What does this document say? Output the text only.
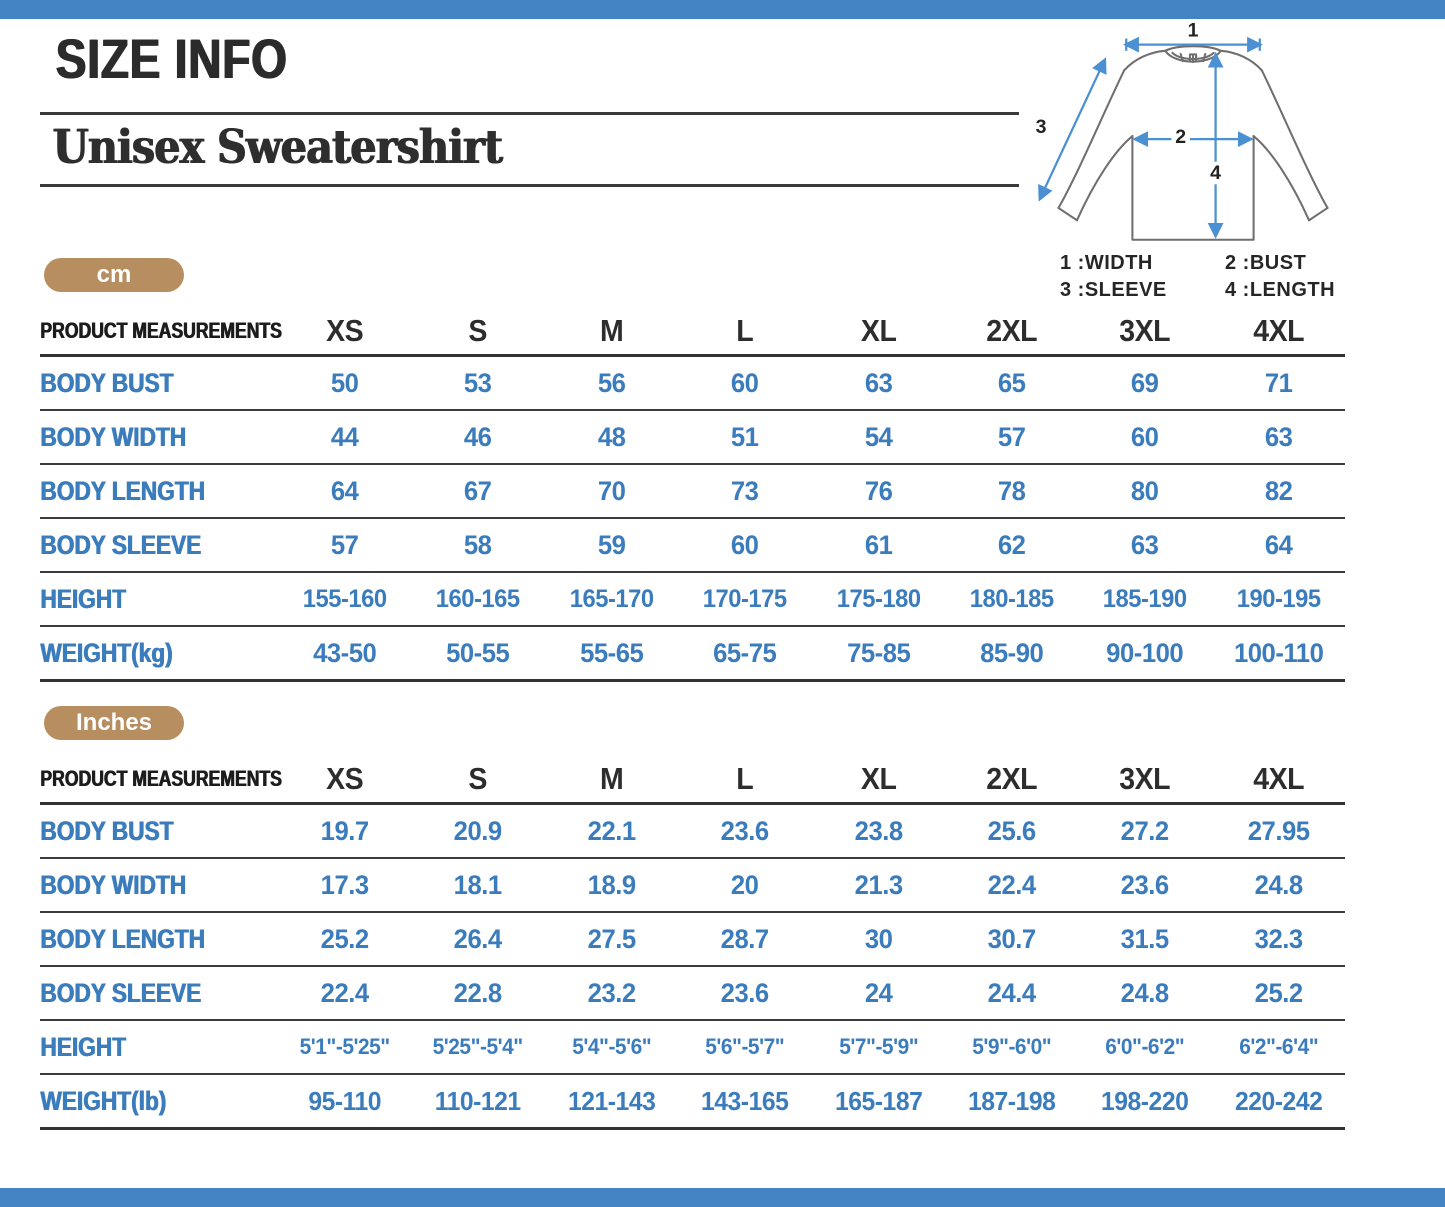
SIZE INFO
Unisex Sweatershirt
1
3	2
4
1 :WIDTH	2 :BUST
3 :SLEEVE	4 :LENGTH
cm
PRODUCT MEASUREMENTS	XS	S	M	L	XL	2XL	3XL	4XL
BODY BUST	50	53	56	60	63	65	69	71
BODY WIDTH	44	46	48	51	54	57	60	63
BODY LENGTH	64	67	70	73	76	78	80	82
BODY SLEEVE	57	58	59	60	61	62	63	64
HEIGHT	155-160	160-165	165-170	170-175	175-180	180-185	185-190	190-195
WEIGHT(kg)	43-50	50-55	55-65	65-75	75-85	85-90	90-100	100-110
Inches
PRODUCT MEASUREMENTS	XS	S	M	L	XL	2XL	3XL	4XL
BODY BUST	19.7	20.9	22.1	23.6	23.8	25.6	27.2	27.95
BODY WIDTH	17.3	18.1	18.9	20	21.3	22.4	23.6	24.8
BODY LENGTH	25.2	26.4	27.5	28.7	30	30.7	31.5	32.3
BODY SLEEVE	22.4	22.8	23.2	23.6	24	24.4	24.8	25.2
HEIGHT	5'1"-5'25"	5'25"-5'4"	5'4"-5'6"	5'6"-5'7"	5'7"-5'9"	5'9"-6'0"	6'0"-6'2"	6'2"-6'4"
WEIGHT(lb)	95-110	110-121	121-143	143-165	165-187	187-198	198-220	220-242
